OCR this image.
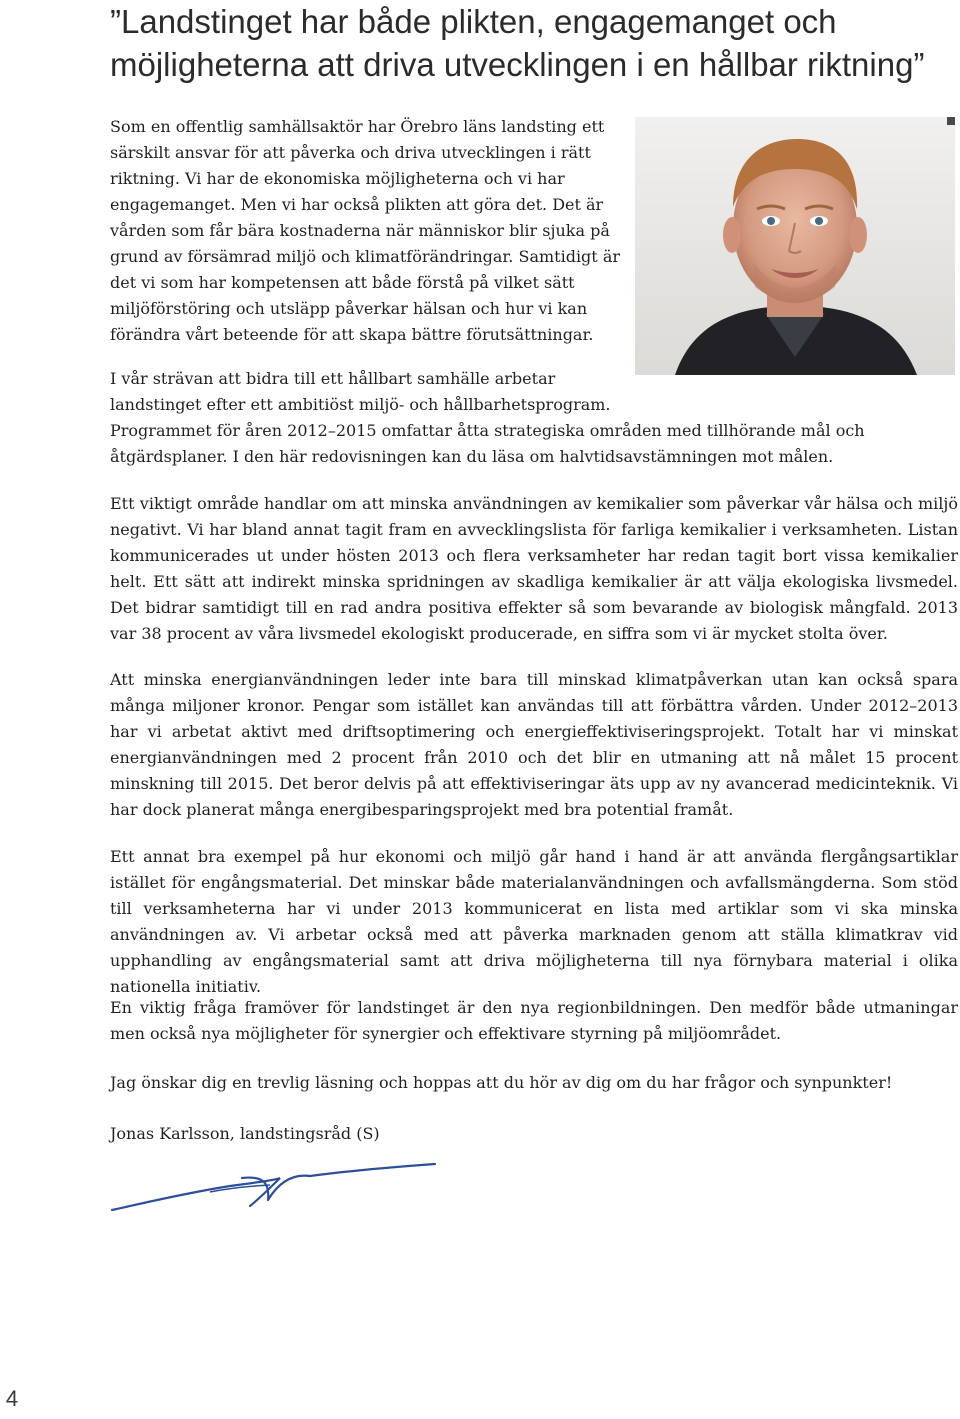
”Landstinget har både plikten, engagemanget och
möjligheterna att driva utvecklingen i en hållbar riktning”

Som en offentlig samhällsaktör har Örebro läns landsting ett särskilt ansvar för att påverka och driva utvecklingen i rätt riktning. Vi har de ekonomiska möjligheterna och vi har engagemanget. Men vi har också plikten att göra det. Det är vården som får bära kostnaderna när människor blir sjuka på grund av försämrad miljö och klimatförändringar. Samtidigt är det vi som har kompetensen att både förstå på vilket sätt miljöförstöring och utsläpp påverkar hälsan och hur vi kan förändra vårt beteende för att skapa bättre förutsättningar.

I vår strävan att bidra till ett hållbart samhälle arbetar landstinget efter ett ambitiöst miljö- och hållbarhetsprogram.

Programmet för åren 2012–2015 omfattar åtta strategiska områden med tillhörande mål och åtgärdsplaner. I den här redovisningen kan du läsa om halvtidsavstämningen mot målen.

Ett viktigt område handlar om att minska användningen av kemikalier som påverkar vår hälsa och miljö negativt. Vi har bland annat tagit fram en avvecklingslista för farliga kemikalier i verksamheten. Listan kommunicerades ut under hösten 2013 och flera verksamheter har redan tagit bort vissa kemikalier helt. Ett sätt att indirekt minska spridningen av skadliga kemikalier är att välja ekologiska livsmedel. Det bidrar samtidigt till en rad andra positiva effekter så som bevarande av biologisk mångfald. 2013 var 38 procent av våra livsmedel ekologiskt producerade, en siffra som vi är mycket stolta över.

Att minska energianvändningen leder inte bara till minskad klimatpåverkan utan kan också spara många miljoner kronor. Pengar som istället kan användas till att förbättra vården. Under 2012–2013 har vi arbetat aktivt med driftsoptimering och energieffektiviseringsprojekt. Totalt har vi minskat energianvändningen med 2 procent från 2010 och det blir en utmaning att nå målet 15 procent minskning till 2015. Det beror delvis på att effektiviseringar äts upp av ny avancerad medicinteknik. Vi har dock planerat många energibesparingsprojekt med bra potential framåt.

Ett annat bra exempel på hur ekonomi och miljö går hand i hand är att använda flergångsartiklar istället för engångsmaterial. Det minskar både materialanvändningen och avfallsmängderna. Som stöd till verksamheterna har vi under 2013 kommunicerat en lista med artiklar som vi ska minska användningen av. Vi arbetar också med att påverka marknaden genom att ställa klimatkrav vid upphandling av engångsmaterial samt att driva möjligheterna till nya förnybara material i olika nationella initiativ.

En viktig fråga framöver för landstinget är den nya regionbildningen. Den medför både utmaningar men också nya möjligheter för synergier och effektivare styrning på miljöområdet.

Jag önskar dig en trevlig läsning och hoppas att du hör av dig om du har frågor och synpunkter!

Jonas Karlsson, landstingsråd (S)

4
